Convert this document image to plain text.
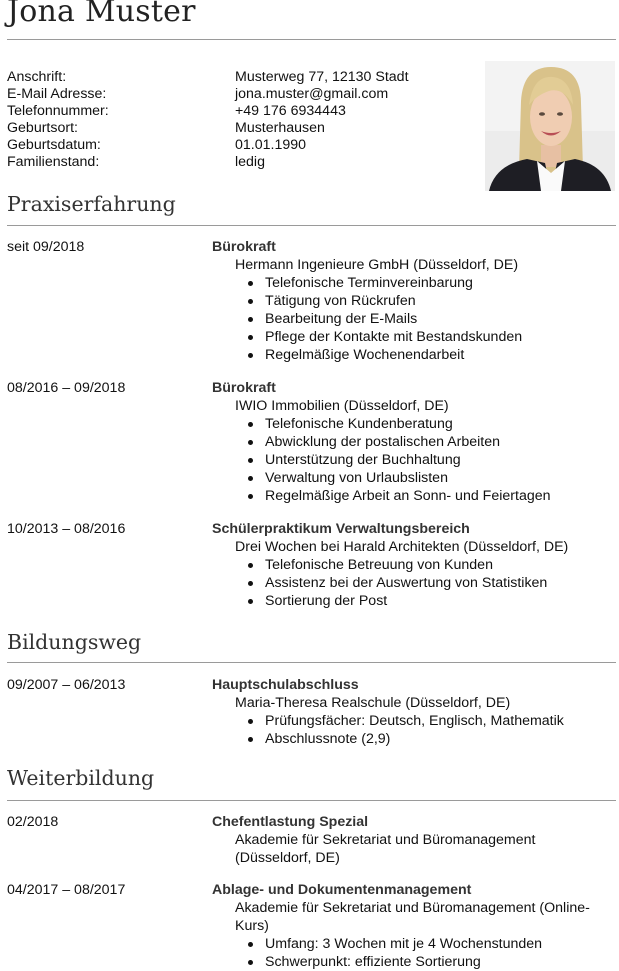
Jona Muster
Anschrift:	Musterweg 77, 12130 Stadt
E-Mail Adresse:	jona.muster@gmail.com
Telefonnummer:	+49 176 6934443
Geburtsort:	Musterhausen
Geburtsdatum:	01.01.1990
Familienstand:	ledig
Praxiserfahrung
seit 09/2018	Bürokraft
Hermann Ingenieure GmbH (Düsseldorf, DE)
Telefonische Terminvereinbarung
Tätigung von Rückrufen
Bearbeitung der E-Mails
Pflege der Kontakte mit Bestandskunden
Regelmäßige Wochenendarbeit
08/2016 – 09/2018	Bürokraft
IWIO Immobilien (Düsseldorf, DE)
Telefonische Kundenberatung
Abwicklung der postalischen Arbeiten
Unterstützung der Buchhaltung
Verwaltung von Urlaubslisten
Regelmäßige Arbeit an Sonn- und Feiertagen
10/2013 – 08/2016	Schülerpraktikum Verwaltungsbereich
Drei Wochen bei Harald Architekten (Düsseldorf, DE)
Telefonische Betreuung von Kunden
Assistenz bei der Auswertung von Statistiken
Sortierung der Post
Bildungsweg
09/2007 – 06/2013	Hauptschulabschluss
Maria-Theresa Realschule (Düsseldorf, DE)
Prüfungsfächer: Deutsch, Englisch, Mathematik
Abschlussnote (2,9)
Weiterbildung
02/2018	Chefentlastung Spezial
Akademie für Sekretariat und Büromanagement (Düsseldorf, DE)
04/2017 – 08/2017	Ablage- und Dokumentenmanagement
Akademie für Sekretariat und Büromanagement (Online-Kurs)
Umfang: 3 Wochen mit je 4 Wochenstunden
Schwerpunkt: effiziente Sortierung
